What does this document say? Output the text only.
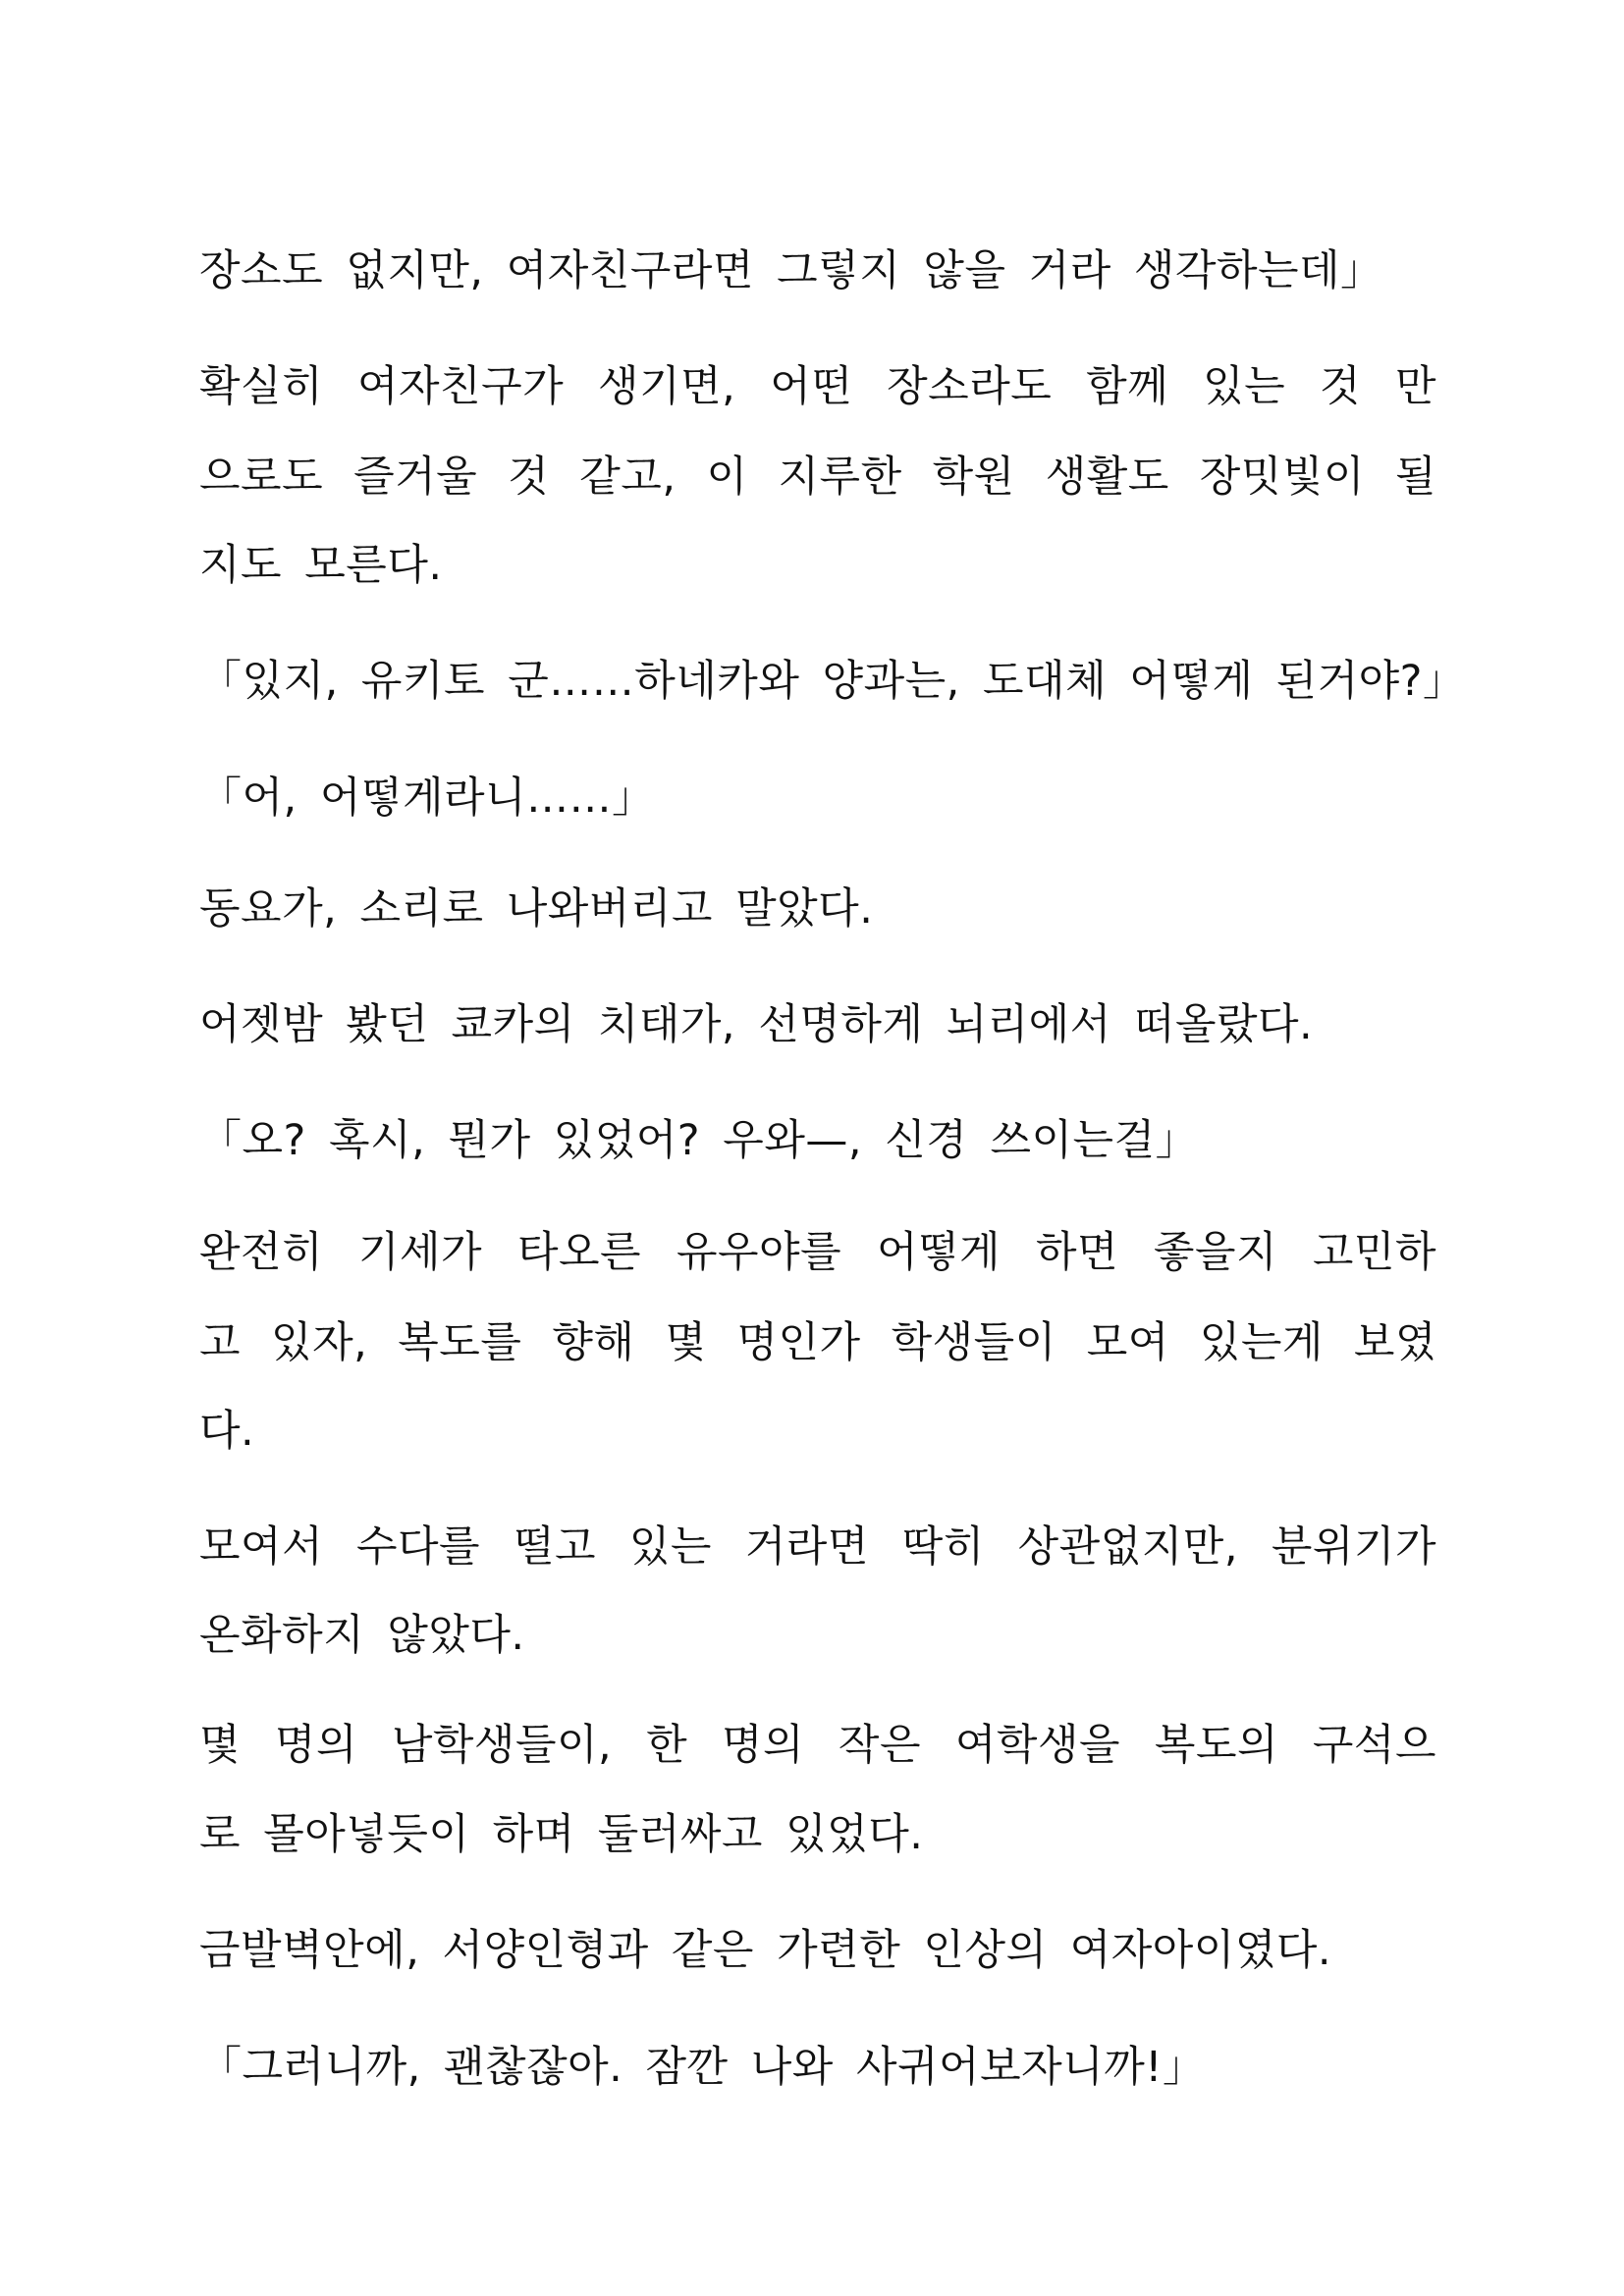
장소도 없지만, 여자친구라면 그렇지 않을 거라 생각하는데」
확실히 여자친구가 생기면, 어떤 장소라도 함께 있는 것 만
으로도 즐거울 것 같고, 이 지루한 학원 생활도 장밋빛이 될
지도 모른다.
「있지, 유키토 군……하네카와 양과는, 도대체 어떻게 된거야?」
「어, 어떻게라니……」
동요가, 소리로 나와버리고 말았다.
어젯밤 봤던 쿄카의 치태가, 선명하게 뇌리에서 떠올랐다.
「오? 혹시, 뭔가 있었어? 우와—, 신경 쓰이는걸」
완전히 기세가 타오른 유우야를 어떻게 하면 좋을지 고민하
고 있자, 복도를 향해 몇 명인가 학생들이 모여 있는게 보였
다.
모여서 수다를 떨고 있는 거라면 딱히 상관없지만, 분위기가
온화하지 않았다.
몇 명의 남학생들이, 한 명의 작은 여학생을 복도의 구석으
로 몰아넣듯이 하며 둘러싸고 있었다.
금발벽안에, 서양인형과 같은 가련한 인상의 여자아이였다.
「그러니까, 괜찮잖아. 잠깐 나와 사귀어보자니까!」
